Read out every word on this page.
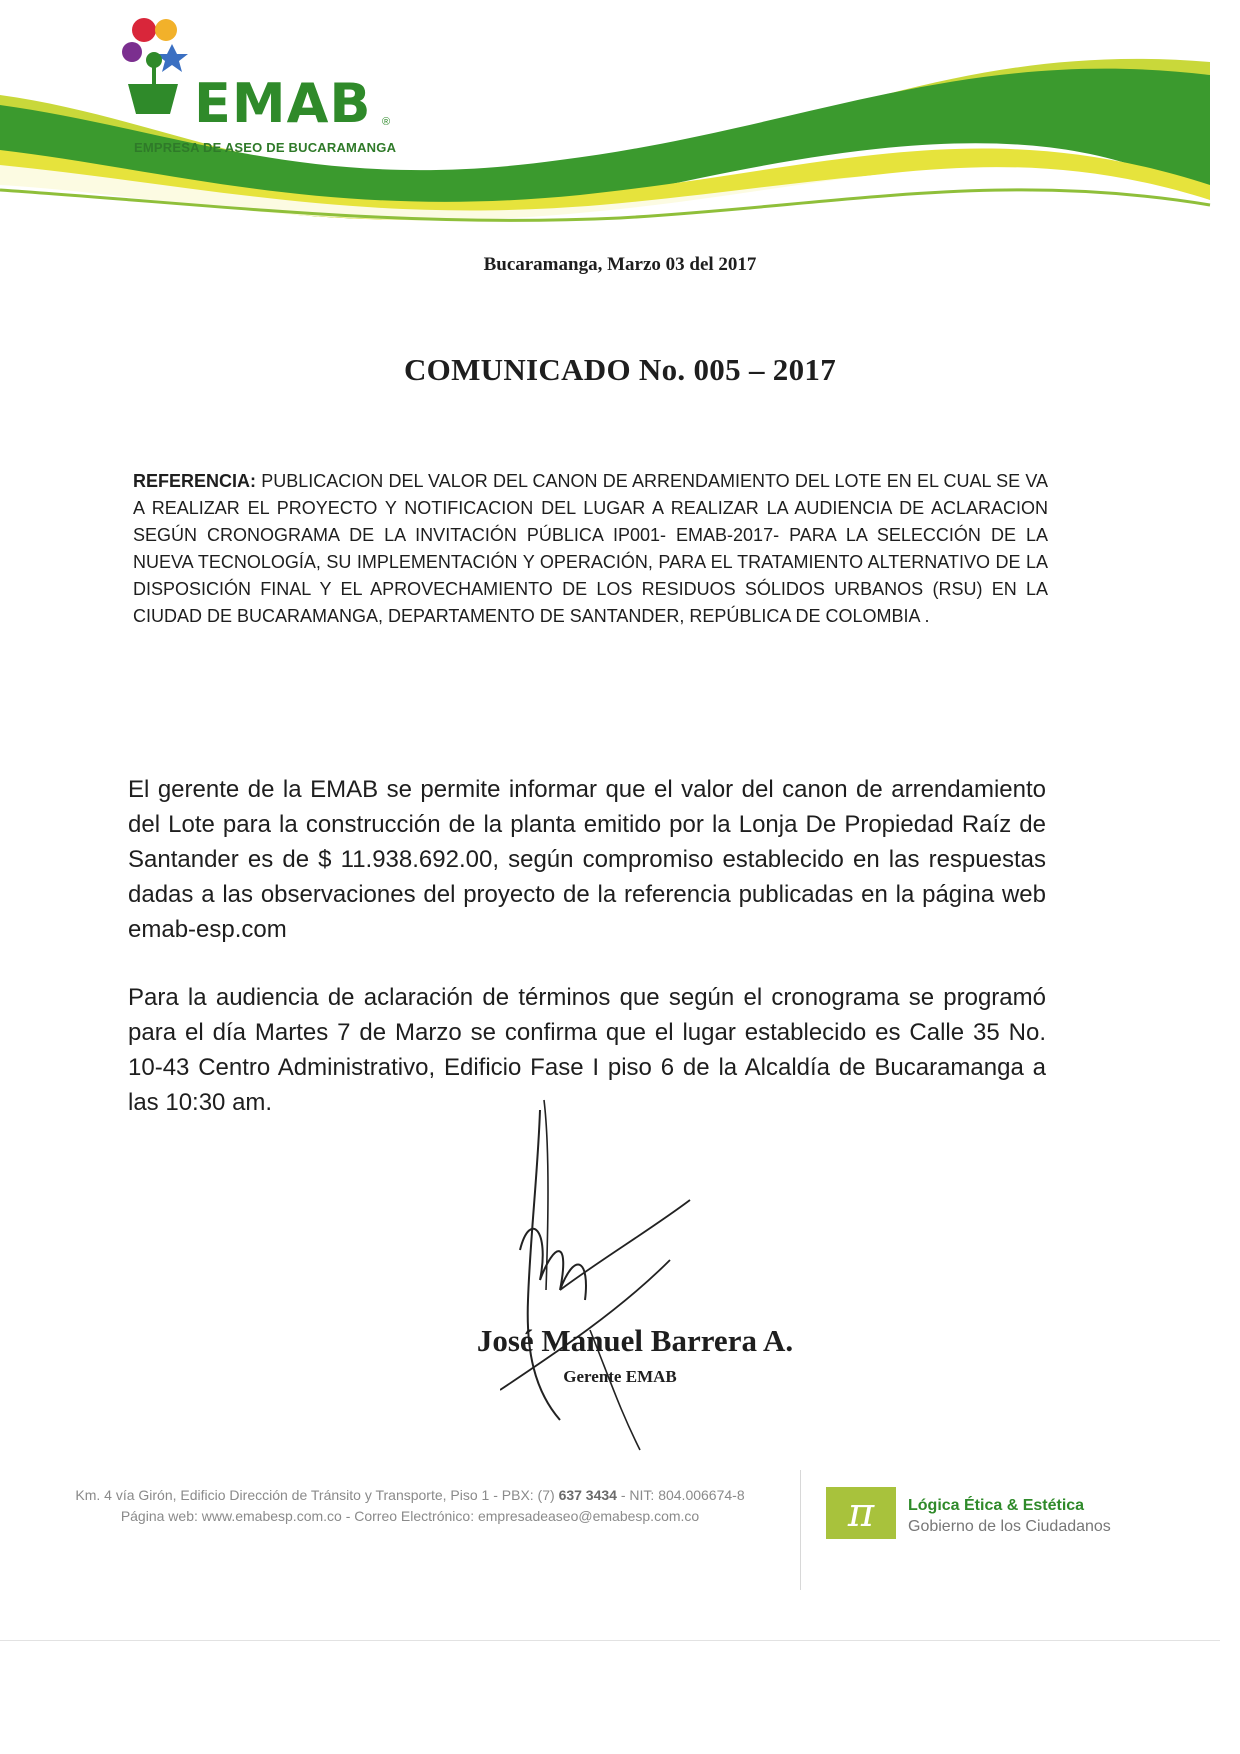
EMAB ®
EMPRESA DE ASEO DE BUCARAMANGA
Bucaramanga, Marzo 03 del 2017
COMUNICADO No. 005 – 2017
REFERENCIA: PUBLICACION DEL VALOR DEL CANON DE ARRENDAMIENTO DEL LOTE EN EL CUAL SE VA A REALIZAR EL PROYECTO Y NOTIFICACION DEL LUGAR A REALIZAR LA AUDIENCIA DE ACLARACION SEGÚN CRONOGRAMA DE LA INVITACIÓN PÚBLICA IP001- EMAB-2017- PARA LA SELECCIÓN DE LA NUEVA TECNOLOGÍA, SU IMPLEMENTACIÓN Y OPERACIÓN, PARA EL TRATAMIENTO ALTERNATIVO DE LA DISPOSICIÓN FINAL Y EL APROVECHAMIENTO DE LOS RESIDUOS SÓLIDOS URBANOS (RSU) EN LA CIUDAD DE BUCARAMANGA, DEPARTAMENTO DE SANTANDER, REPÚBLICA DE COLOMBIA .
El gerente de la EMAB se permite informar que el valor del canon de arrendamiento del Lote para la construcción de la planta emitido por la Lonja De Propiedad Raíz de Santander es de $ 11.938.692.00, según compromiso establecido en las respuestas dadas a las observaciones del proyecto de la referencia publicadas en la página web emab-esp.com
Para la audiencia de aclaración de términos que según el cronograma se programó para el día Martes 7 de Marzo se confirma que el lugar establecido es Calle 35 No. 10-43 Centro Administrativo, Edificio Fase I piso 6 de la Alcaldía de Bucaramanga a las 10:30 am.
José Manuel Barrera A.
Gerente EMAB
Km. 4 vía Girón, Edificio Dirección de Tránsito y Transporte, Piso 1 - PBX: (7) 637 3434 - NIT: 804.006674-8
Página web: www.emabesp.com.co - Correo Electrónico: empresadeaseo@emabesp.com.co	π	Lógica Ética & Estética
Gobierno de los Ciudadanos
